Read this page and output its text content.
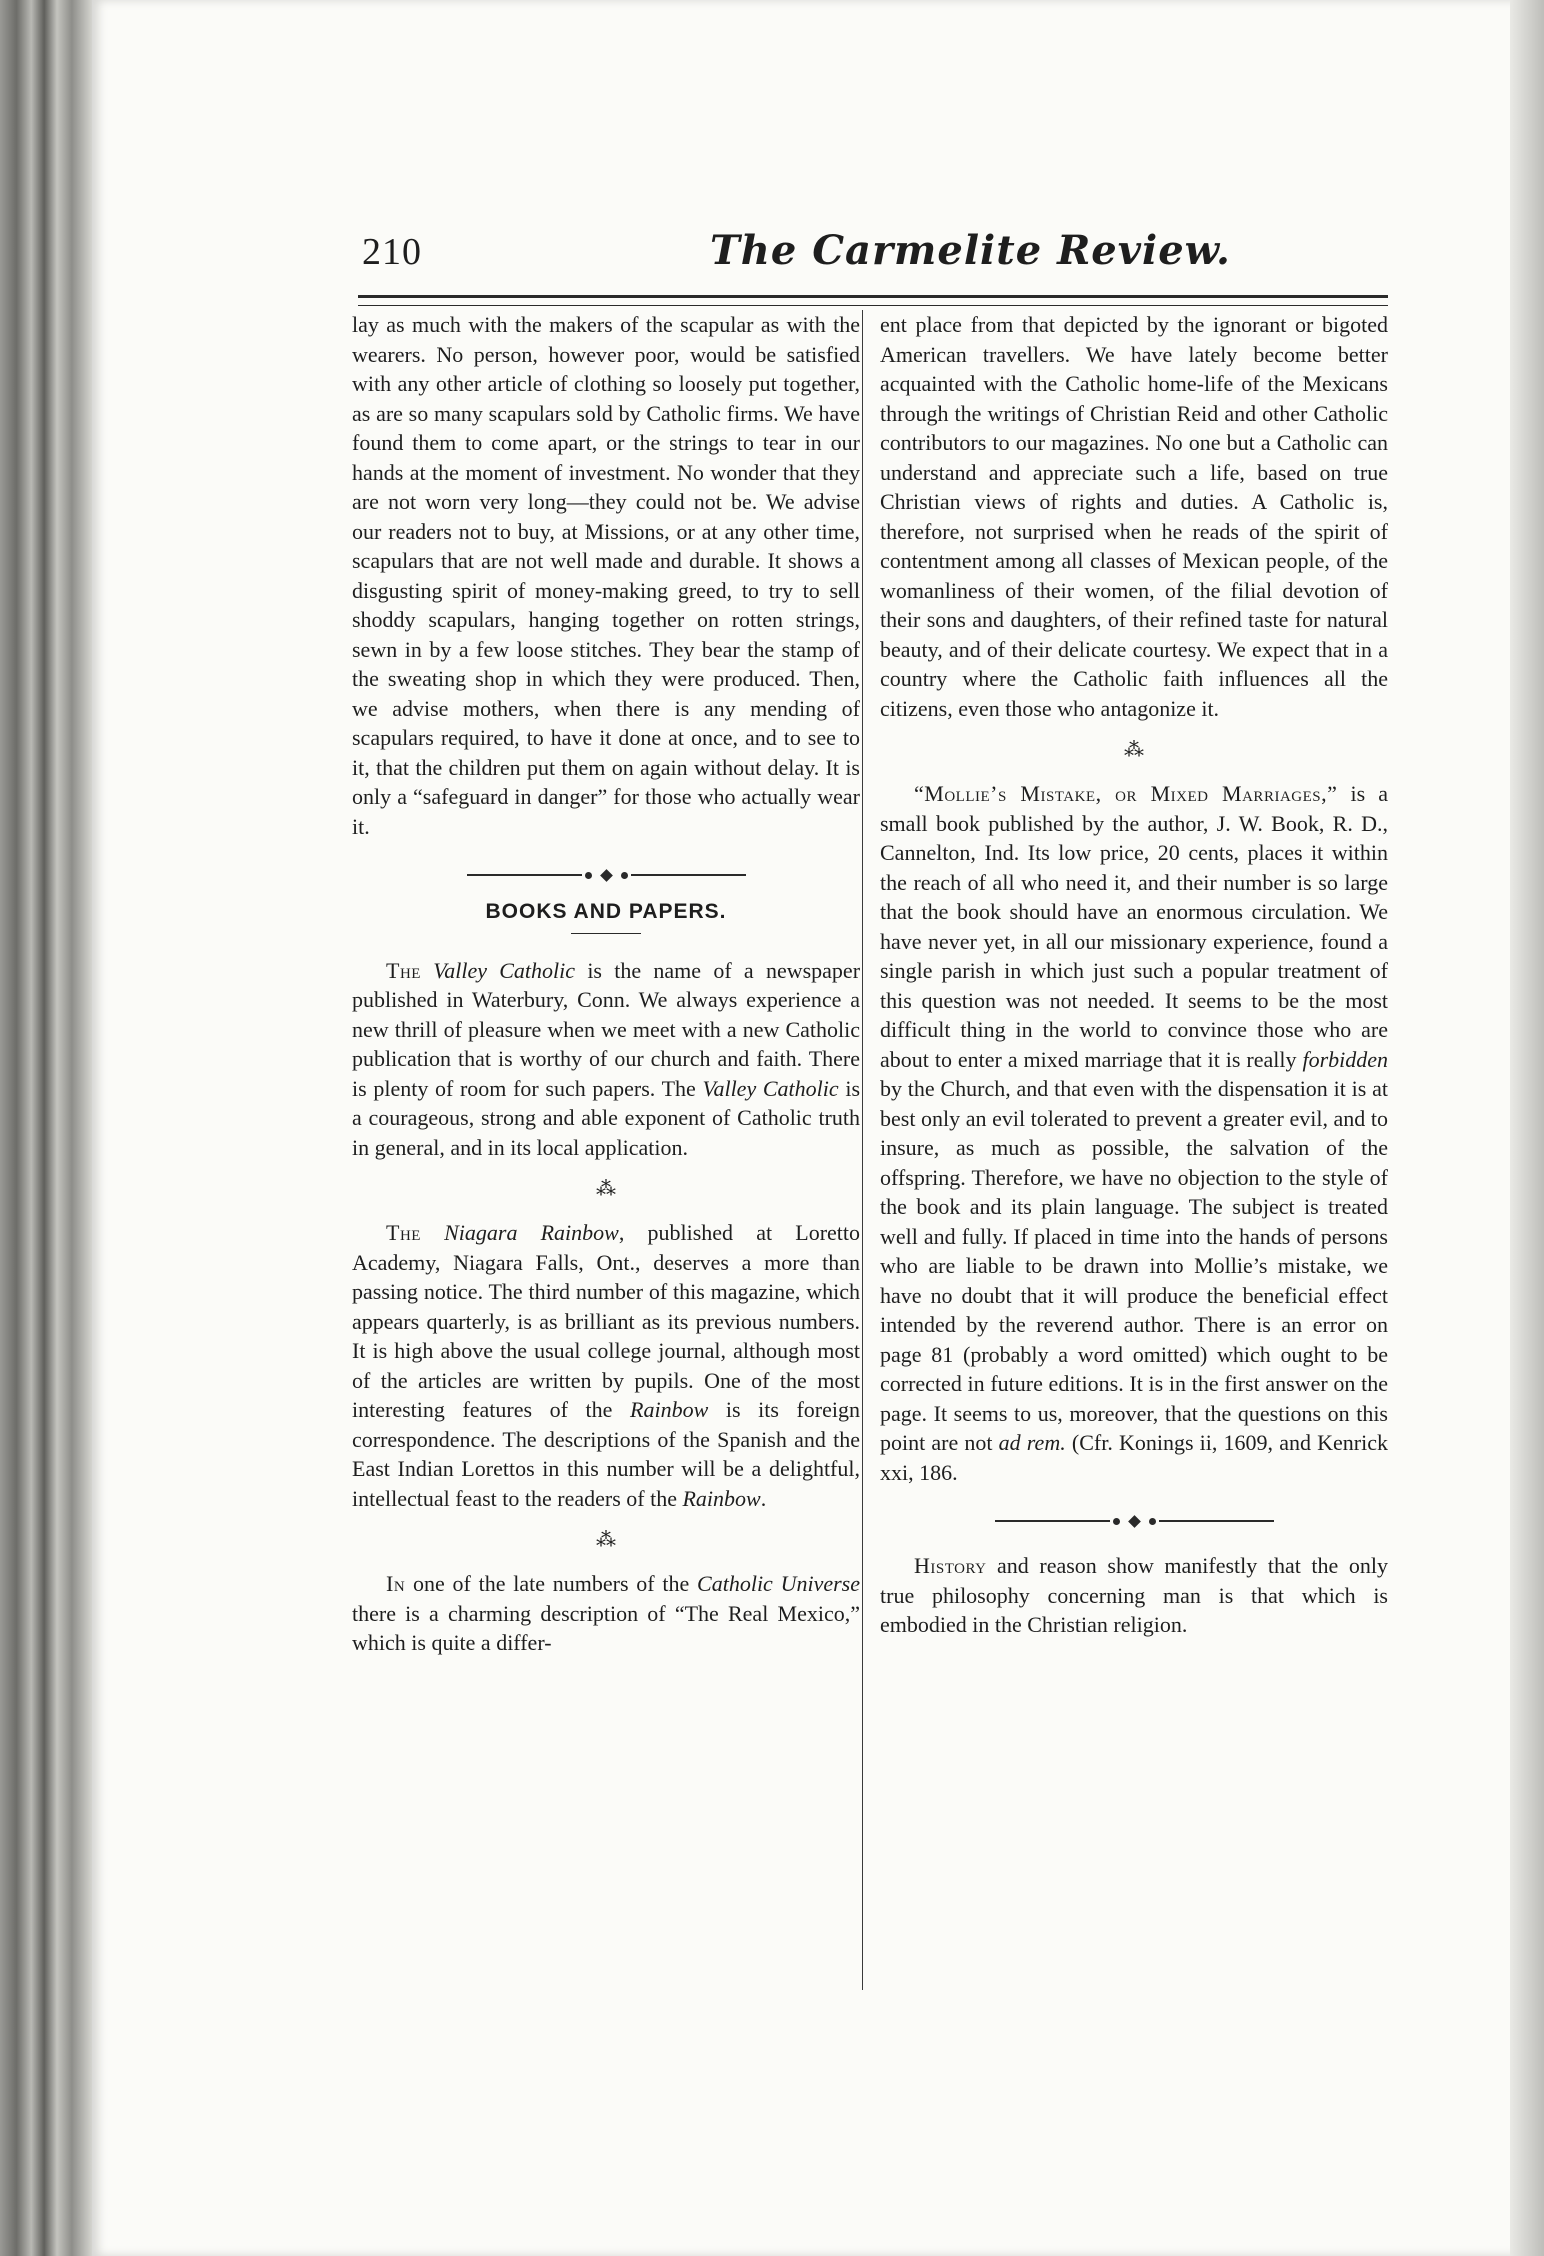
210	The Carmelite Review.

lay as much with the makers of the scapular as with the wearers. No person, however poor, would be satisfied with any other article of clothing so loosely put together, as are so many scapulars sold by Catholic firms. We have found them to come apart, or the strings to tear in our hands at the moment of investment. No wonder that they are not worn very long—they could not be. We advise our readers not to buy, at Missions, or at any other time, scapulars that are not well made and durable. It shows a disgusting spirit of money-making greed, to try to sell shoddy scapulars, hanging together on rotten strings, sewn in by a few loose stitches. They bear the stamp of the sweating shop in which they were produced. Then, we advise mothers, when there is any mending of scapulars required, to have it done at once, and to see to it, that the children put them on again without delay. It is only a “safeguard in danger” for those who actually wear it.

BOOKS AND PAPERS.

The Valley Catholic is the name of a newspaper published in Waterbury, Conn. We always experience a new thrill of pleasure when we meet with a new Catholic publication that is worthy of our church and faith. There is plenty of room for such papers. The Valley Catholic is a courageous, strong and able exponent of Catholic truth in general, and in its local application.

⁂

The Niagara Rainbow, published at Loretto Academy, Niagara Falls, Ont., deserves a more than passing notice. The third number of this magazine, which appears quarterly, is as brilliant as its previous numbers. It is high above the usual college journal, although most of the articles are written by pupils. One of the most interesting features of the Rainbow is its foreign correspondence. The descriptions of the Spanish and the East Indian Lorettos in this number will be a delightful, intellectual feast to the readers of the Rainbow.

⁂

In one of the late numbers of the Catholic Universe there is a charming description of “The Real Mexico,” which is quite a differ-

ent place from that depicted by the ignorant or bigoted American travellers. We have lately become better acquainted with the Catholic home-life of the Mexicans through the writings of Christian Reid and other Catholic contributors to our magazines. No one but a Catholic can understand and appreciate such a life, based on true Christian views of rights and duties. A Catholic is, therefore, not surprised when he reads of the spirit of contentment among all classes of Mexican people, of the womanliness of their women, of the filial devotion of their sons and daughters, of their refined taste for natural beauty, and of their delicate courtesy. We expect that in a country where the Catholic faith influences all the citizens, even those who antagonize it.

⁂

“Mollie’s Mistake, or Mixed Marriages,” is a small book published by the author, J. W. Book, R. D., Cannelton, Ind. Its low price, 20 cents, places it within the reach of all who need it, and their number is so large that the book should have an enormous circulation. We have never yet, in all our missionary experience, found a single parish in which just such a popular treatment of this question was not needed. It seems to be the most difficult thing in the world to convince those who are about to enter a mixed marriage that it is really forbidden by the Church, and that even with the dispensation it is at best only an evil tolerated to prevent a greater evil, and to insure, as much as possible, the salvation of the offspring. Therefore, we have no objection to the style of the book and its plain language. The subject is treated well and fully. If placed in time into the hands of persons who are liable to be drawn into Mollie’s mistake, we have no doubt that it will produce the beneficial effect intended by the reverend author. There is an error on page 81 (probably a word omitted) which ought to be corrected in future editions. It is in the first answer on the page. It seems to us, moreover, that the questions on this point are not ad rem. (Cfr. Konings ii, 1609, and Kenrick xxi, 186.

History and reason show manifestly that the only true philosophy concerning man is that which is embodied in the Christian religion.
